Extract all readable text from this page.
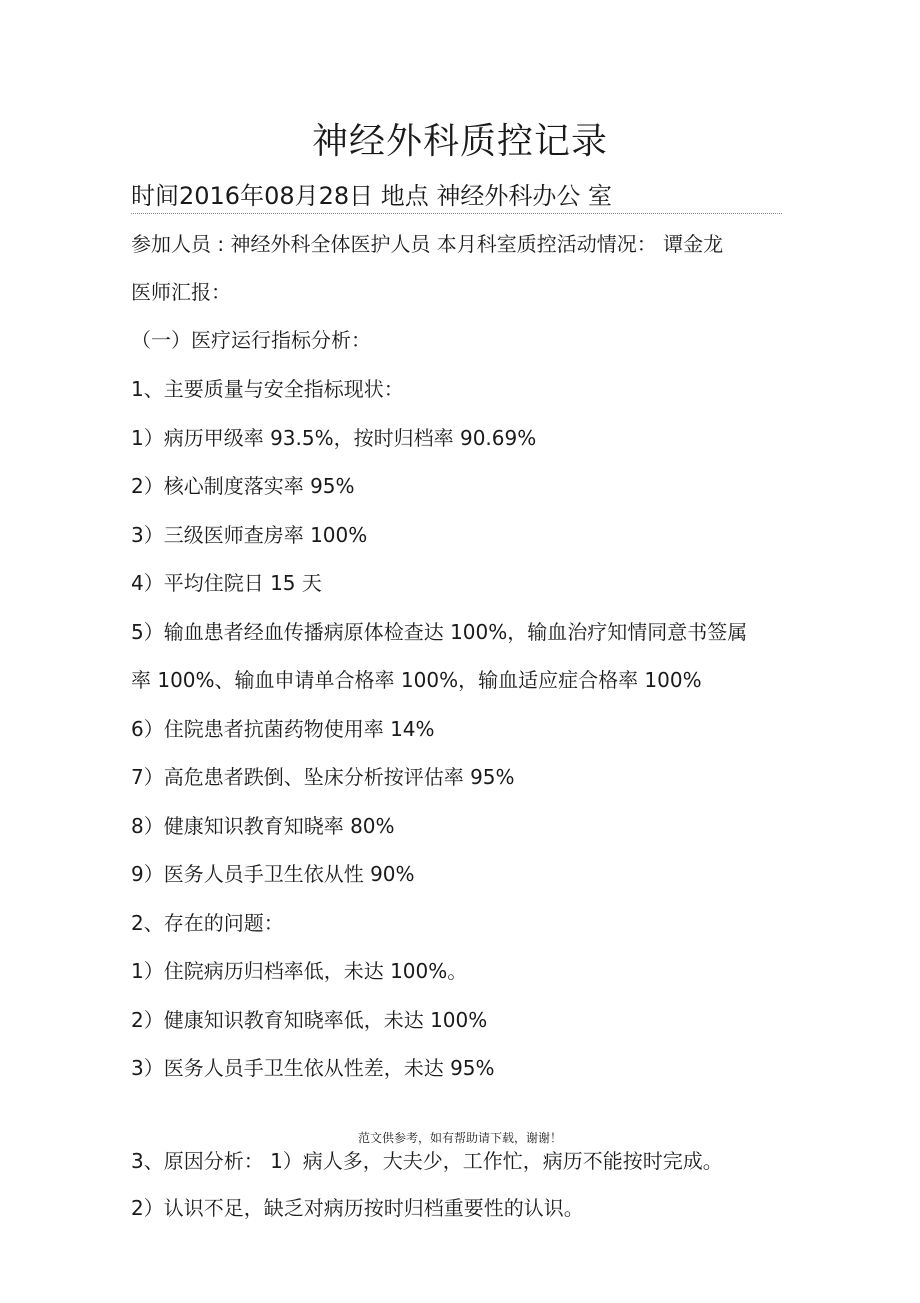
神经外科质控记录
时间2016年08月28日 地点 神经外科办公 室
参加人员 : 神经外科全体医护人员 本月科室质控活动情况： 谭金龙
医师汇报：
（一）医疗运行指标分析：
1、主要质量与安全指标现状：
1）病历甲级率 93.5%，按时归档率 90.69%
2）核心制度落实率 95%
3）三级医师查房率 100%
4）平均住院日 15 天
5）输血患者经血传播病原体检查达 100%，输血治疗知情同意书签属
率 100%、输血申请单合格率 100%，输血适应症合格率 100%
6）住院患者抗菌药物使用率 14%
7）高危患者跌倒、坠床分析按评估率 95%
8）健康知识教育知晓率 80%
9）医务人员手卫生依从性 90%
2、存在的问题：
1）住院病历归档率低，未达 100%。
2）健康知识教育知晓率低，未达 100%
3）医务人员手卫生依从性差，未达 95%
范文供参考，如有帮助请下载，谢谢！
3、原因分析： 1）病人多，大夫少，工作忙，病历不能按时完成。
2）认识不足，缺乏对病历按时归档重要性的认识。
